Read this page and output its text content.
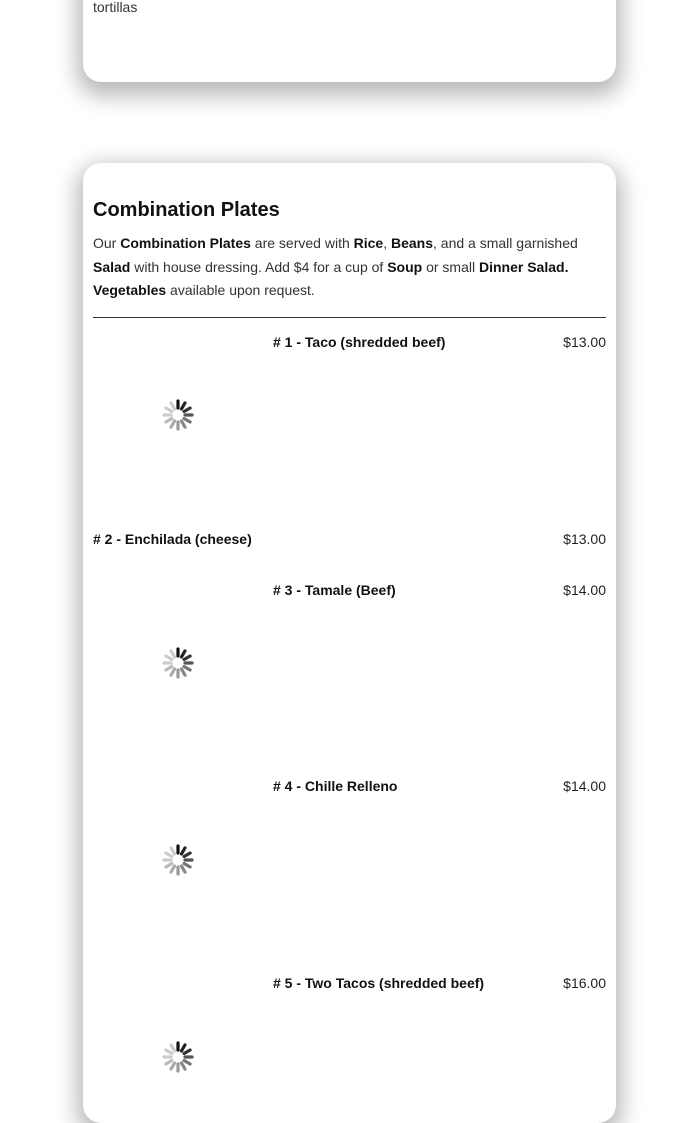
tortillas
Combination Plates
Our Combination Plates are served with Rice, Beans, and a small garnished Salad with house dressing. Add $4 for a cup of Soup or small Dinner Salad. Vegetables available upon request.
# 1 - Taco (shredded beef)	$13.00
# 2 - Enchilada (cheese)	$13.00
# 3 - Tamale (Beef)	$14.00
# 4 - Chille Relleno	$14.00
# 5 - Two Tacos (shredded beef)	$16.00
